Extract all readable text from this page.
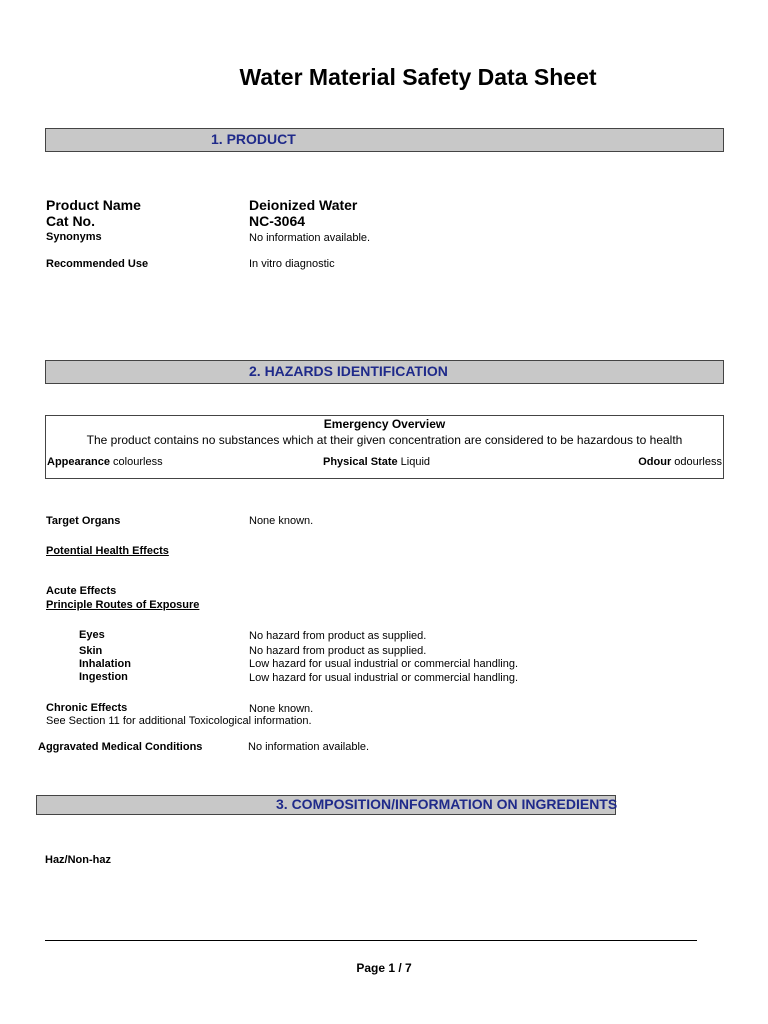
Water Material Safety Data Sheet
1. PRODUCT
Product Name	Deionized Water
Cat No.	NC-3064
Synonyms	No information available.
Recommended Use	In vitro diagnostic
2. HAZARDS IDENTIFICATION
Emergency Overview
The product contains no substances which at their given concentration are considered to be hazardous to health
Appearance colourless	Physical State Liquid	Odour odourless
Target Organs	None known.
Potential Health Effects
Acute Effects
Principle Routes of Exposure
Eyes	No hazard from product as supplied.
Skin	No hazard from product as supplied.
Inhalation	Low hazard for usual industrial or commercial handling.
Ingestion	Low hazard for usual industrial or commercial handling.
Chronic Effects	None known.
See Section 11 for additional Toxicological information.
Aggravated Medical Conditions	No information available.
3. COMPOSITION/INFORMATION ON INGREDIENTS
Haz/Non-haz
Page 1 / 7
